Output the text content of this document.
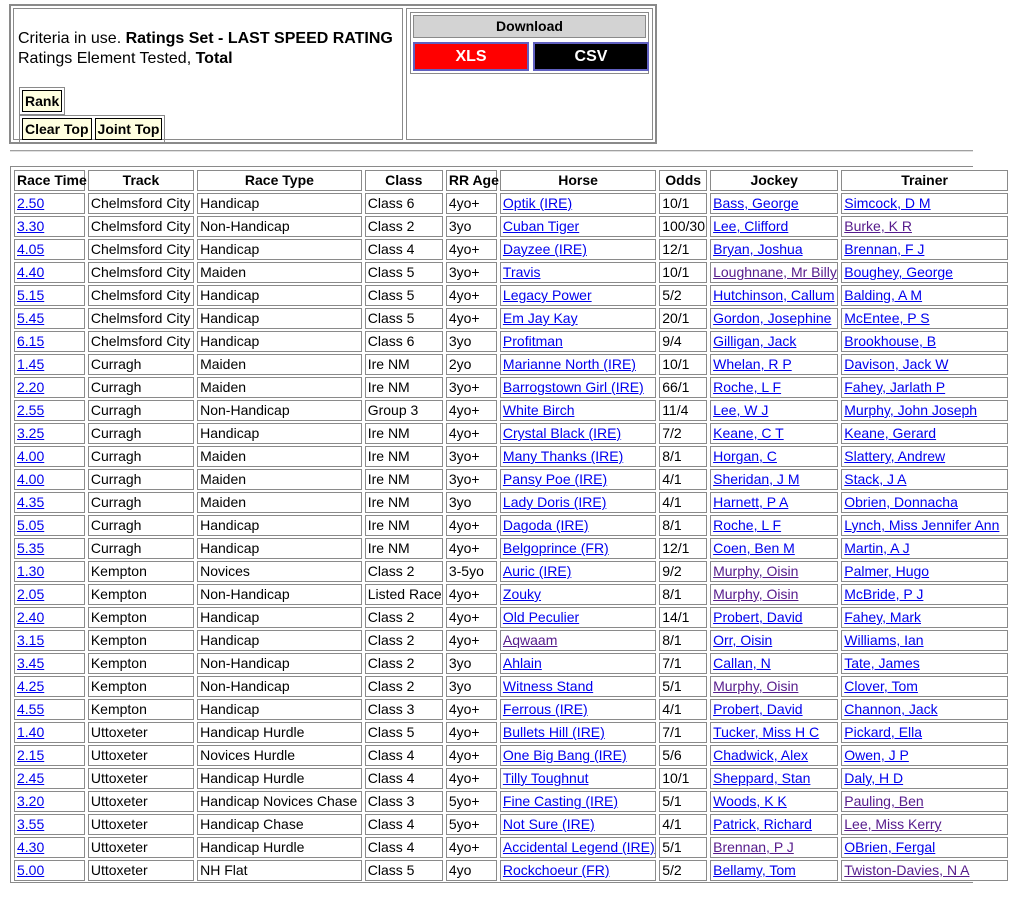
Criteria in use. Ratings Set - LAST SPEED RATING
Ratings Element Tested, Total
Rank
Clear Top Joint Top
Download
XLS	CSV
Race Time	Track	Race Type	Class	RR Age	Horse	Odds	Jockey	Trainer
2.50	Chelmsford City	Handicap	Class 6	4yo+	Optik (IRE)	10/1	Bass, George	Simcock, D M
3.30	Chelmsford City	Non-Handicap	Class 2	3yo	Cuban Tiger	100/30	Lee, Clifford	Burke, K R
4.05	Chelmsford City	Handicap	Class 4	4yo+	Dayzee (IRE)	12/1	Bryan, Joshua	Brennan, F J
4.40	Chelmsford City	Maiden	Class 5	3yo+	Travis	10/1	Loughnane, Mr Billy	Boughey, George
5.15	Chelmsford City	Handicap	Class 5	4yo+	Legacy Power	5/2	Hutchinson, Callum	Balding, A M
5.45	Chelmsford City	Handicap	Class 5	4yo+	Em Jay Kay	20/1	Gordon, Josephine	McEntee, P S
6.15	Chelmsford City	Handicap	Class 6	3yo	Profitman	9/4	Gilligan, Jack	Brookhouse, B
1.45	Curragh	Maiden	Ire NM	2yo	Marianne North (IRE)	10/1	Whelan, R P	Davison, Jack W
2.20	Curragh	Maiden	Ire NM	3yo+	Barrogstown Girl (IRE)	66/1	Roche, L F	Fahey, Jarlath P
2.55	Curragh	Non-Handicap	Group 3	4yo+	White Birch	11/4	Lee, W J	Murphy, John Joseph
3.25	Curragh	Handicap	Ire NM	4yo+	Crystal Black (IRE)	7/2	Keane, C T	Keane, Gerard
4.00	Curragh	Maiden	Ire NM	3yo+	Many Thanks (IRE)	8/1	Horgan, C	Slattery, Andrew
4.00	Curragh	Maiden	Ire NM	3yo+	Pansy Poe (IRE)	4/1	Sheridan, J M	Stack, J A
4.35	Curragh	Maiden	Ire NM	3yo	Lady Doris (IRE)	4/1	Harnett, P A	Obrien, Donnacha
5.05	Curragh	Handicap	Ire NM	4yo+	Dagoda (IRE)	8/1	Roche, L F	Lynch, Miss Jennifer Ann
5.35	Curragh	Handicap	Ire NM	4yo+	Belgoprince (FR)	12/1	Coen, Ben M	Martin, A J
1.30	Kempton	Novices	Class 2	3-5yo	Auric (IRE)	9/2	Murphy, Oisin	Palmer, Hugo
2.05	Kempton	Non-Handicap	Listed Race	4yo+	Zouky	8/1	Murphy, Oisin	McBride, P J
2.40	Kempton	Handicap	Class 2	4yo+	Old Peculier	14/1	Probert, David	Fahey, Mark
3.15	Kempton	Handicap	Class 2	4yo+	Aqwaam	8/1	Orr, Oisin	Williams, Ian
3.45	Kempton	Non-Handicap	Class 2	3yo	Ahlain	7/1	Callan, N	Tate, James
4.25	Kempton	Non-Handicap	Class 2	3yo	Witness Stand	5/1	Murphy, Oisin	Clover, Tom
4.55	Kempton	Handicap	Class 3	4yo+	Ferrous (IRE)	4/1	Probert, David	Channon, Jack
1.40	Uttoxeter	Handicap Hurdle	Class 5	4yo+	Bullets Hill (IRE)	7/1	Tucker, Miss H C	Pickard, Ella
2.15	Uttoxeter	Novices Hurdle	Class 4	4yo+	One Big Bang (IRE)	5/6	Chadwick, Alex	Owen, J P
2.45	Uttoxeter	Handicap Hurdle	Class 4	4yo+	Tilly Toughnut	10/1	Sheppard, Stan	Daly, H D
3.20	Uttoxeter	Handicap Novices Chase	Class 3	5yo+	Fine Casting (IRE)	5/1	Woods, K K	Pauling, Ben
3.55	Uttoxeter	Handicap Chase	Class 4	5yo+	Not Sure (IRE)	4/1	Patrick, Richard	Lee, Miss Kerry
4.30	Uttoxeter	Handicap Hurdle	Class 4	4yo+	Accidental Legend (IRE)	5/1	Brennan, P J	OBrien, Fergal
5.00	Uttoxeter	NH Flat	Class 5	4yo	Rockchoeur (FR)	5/2	Bellamy, Tom	Twiston-Davies, N A
